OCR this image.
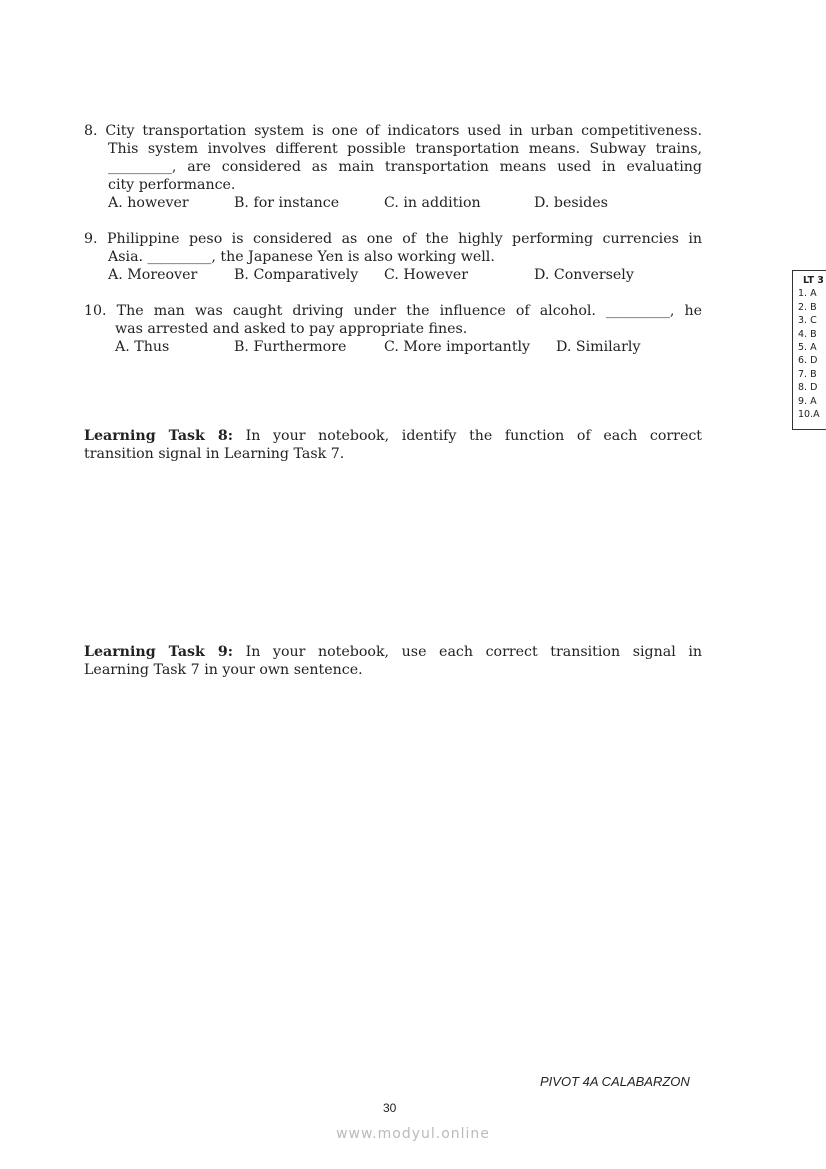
8. City transportation system is one of indicators used in urban competitiveness.
This system involves different possible transportation means. Subway trains,
_________, are considered as main transportation means used in evaluating
city performance.
A. however	B. for instance	C. in addition	D. besides
9. Philippine peso is considered as one of the highly performing currencies in
Asia. _________, the Japanese Yen is also working well.
A. Moreover	B. Comparatively C. However	D. Conversely
10. The man was caught driving under the influence of alcohol. _________, he
was arrested and asked to pay appropriate fines.
A. Thus	B. Furthermore	C. More importantly D. Similarly
Learning Task 8: In your notebook, identify the function of each correct
transition signal in Learning Task 7.
Learning Task 9: In your notebook, use each correct transition signal in
Learning Task 7 in your own sentence.
LT 3
1. A
2. B
3. C
4. B
5. A
6. D
7. B
8. D
9. A
10.A
PIVOT 4A CALABARZON
30
www.modyul.online
